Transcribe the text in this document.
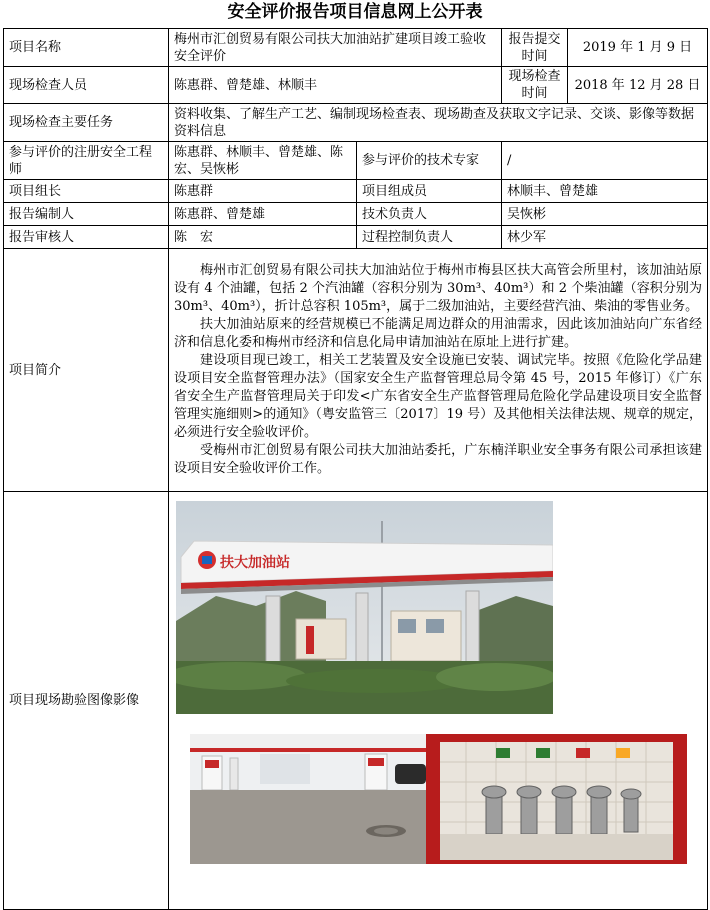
安全评价报告项目信息网上公开表
项目名称	梅州市汇创贸易有限公司扶大加油站扩建项目竣工验收安全评价		报告提交时间	2019 年 1 月 9 日
现场检查人员	陈惠群、曾楚雄、林顺丰		现场检查时间	2018 年 12 月 28 日
现场检查主要任务	资料收集、了解生产工艺、编制现场检查表、现场勘查及获取文字记录、交谈、影像等数据资料信息			
参与评价的注册安全工程师	陈惠群、林顺丰、曾楚雄、陈宏、吴恢彬	参与评价的技术专家	/	
项目组长	陈惠群	项目组成员	林顺丰、曾楚雄	
报告编制人	陈惠群、曾楚雄	技术负责人	吴恢彬	
报告审核人	陈　宏	过程控制负责人	林少军	
项目简介	梅州市汇创贸易有限公司扶大加油站位于梅州市梅县区扶大高管会所里村，该加油站原设有 4 个油罐，包括 2 个汽油罐（容积分别为 30m³、40m³）和 2 个柴油罐（容积分别为 30m³、40m³），折计总容积 105m³，属于二级加油站，主要经营汽油、柴油的零售业务。

扶大加油站原来的经营规模已不能满足周边群众的用油需求，因此该加油站向广东省经济和信息化委和梅州市经济和信息化局申请加油站在原址上进行扩建。

建设项目现已竣工，相关工艺装置及安全设施已安装、调试完毕。按照《危险化学品建设项目安全监督管理办法》（国家安全生产监督管理总局令第 45 号，2015 年修订）《广东省安全生产监督管理局关于印发<广东省安全生产监督管理局危险化学品建设项目安全监督管理实施细则>的通知》（粤安监管三〔2017〕19 号）及其他相关法律法规、规章的规定，必须进行安全验收评价。

受梅州市汇创贸易有限公司扶大加油站委托，广东楠洋职业安全事务有限公司承担该建设项目安全验收评价工作。			

项目现场勘验图像影像				
扶大加油站
